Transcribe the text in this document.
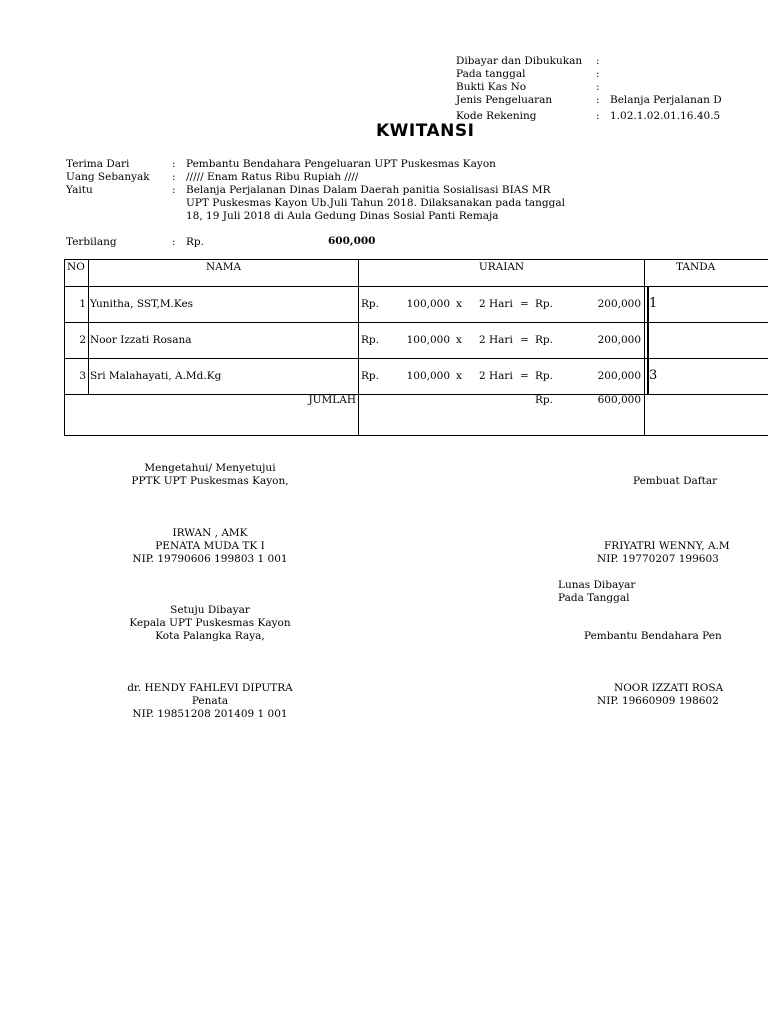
Dibayar dan Dibukukan :
Pada tanggal	:
Bukti Kas No	:
Jenis Pengeluaran	: Belanja Perjalanan D
Kode Rekening	: 1.02.1.02.01.16.40.5
KWITANSI
Terima Dari	: Pembantu Bendahara Pengeluaran UPT Puskesmas Kayon
Uang Sebanyak : ///// Enam Ratus Ribu Rupiah ////
Yaitu	: Belanja Perjalanan Dinas Dalam Daerah panitia Sosialisasi BIAS MR
UPT Puskesmas Kayon Ub.Juli Tahun 2018. Dilaksanakan pada tanggal
18, 19 Juli 2018 di Aula Gedung Dinas Sosial Panti Remaja
Terbilang	: Rp.	600,000
NO	NAMA	URAIAN	TANDA
1 Yunitha, SST,M.Kes	Rp.	100,000 x 2 Hari = Rp.	200,000 1
2 Noor Izzati Rosana	Rp.	100,000 x 2 Hari = Rp.	200,000
3 Sri Malahayati, A.Md.Kg	Rp.	100,000 x 2 Hari = Rp.	200,000 3
JUMLAH	Rp.	600,000
Mengetahui/ Menyetujui
PPTK UPT Puskesmas Kayon,
IRWAN , AMK
PENATA MUDA TK I
NIP. 19790606 199803 1 001
Pembuat Daftar
FRIYATRI WENNY, A.M
NIP. 19770207 199603
Lunas Dibayar
Pada Tanggal
Setuju Dibayar
Kepala UPT Puskesmas Kayon
Kota Palangka Raya,
dr. HENDY FAHLEVI DIPUTRA
Penata
NIP. 19851208 201409 1 001
Pembantu Bendahara Pen
NOOR IZZATI ROSA
NIP. 19660909 198602
